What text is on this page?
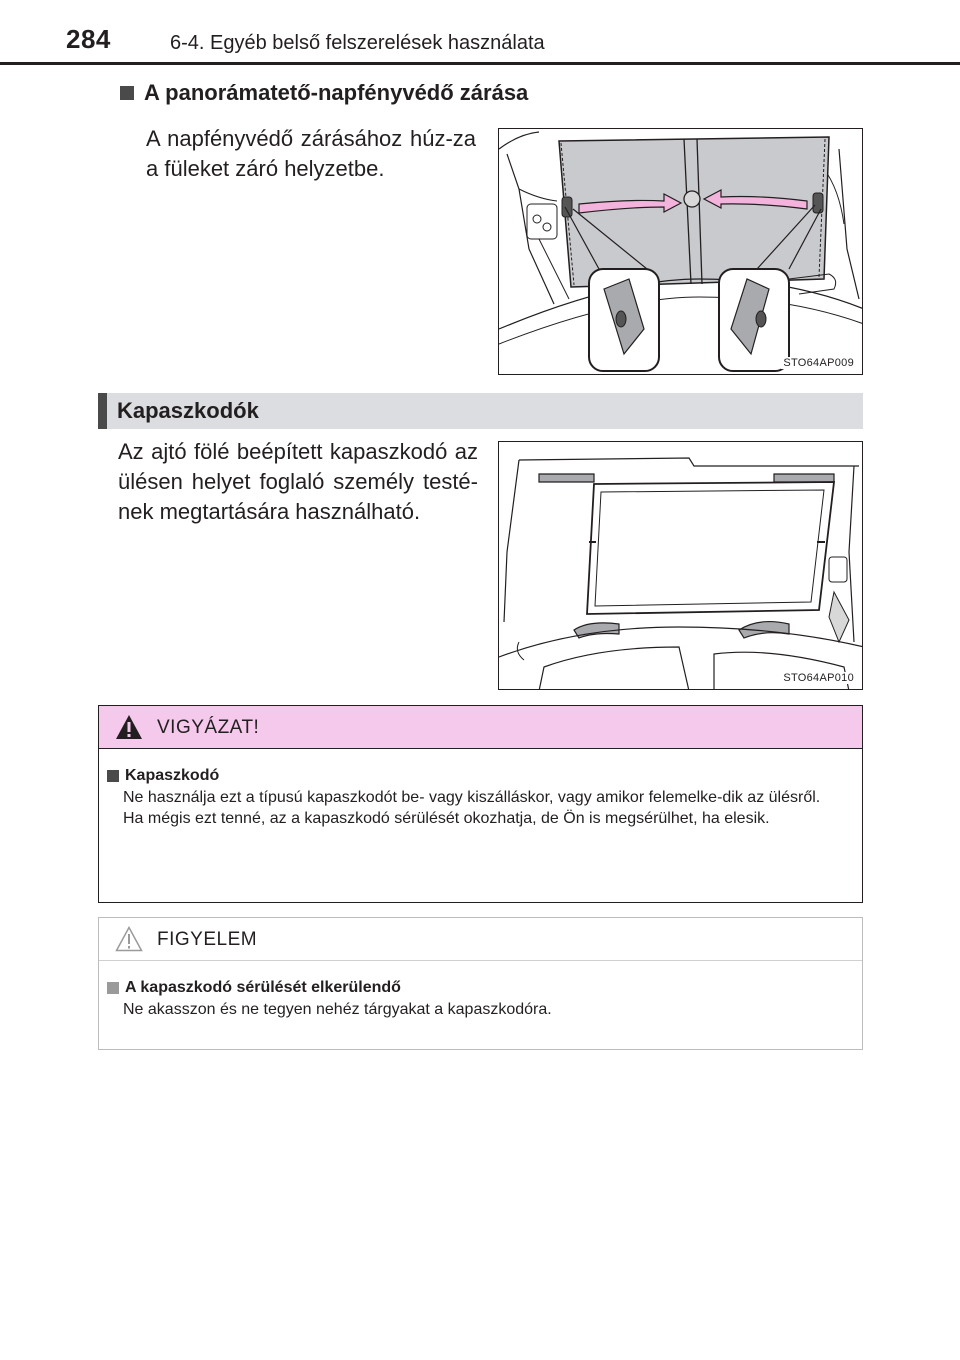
284	6-4. Egyéb belső felszerelések használata
A panorámatető-napfényvédő zárása

A napfényvédő zárásához húz-za a füleket záró helyzetbe.

STO64AP009
Kapaszkodók

Az ajtó fölé beépített kapaszkodó az ülésen helyet foglaló személy testé-nek megtartására használható.

STO64AP010
VIGYÁZAT!
Kapaszkodó

Ne használja ezt a típusú kapaszkodót be- vagy kiszálláskor, vagy amikor felemelke-dik az ülésről.

Ha mégis ezt tenné, az a kapaszkodó sérülését okozhatja, de Ön is megsérülhet, ha elesik.

FIGYELEM
A kapaszkodó sérülését elkerülendő

Ne akasszon és ne tegyen nehéz tárgyakat a kapaszkodóra.
